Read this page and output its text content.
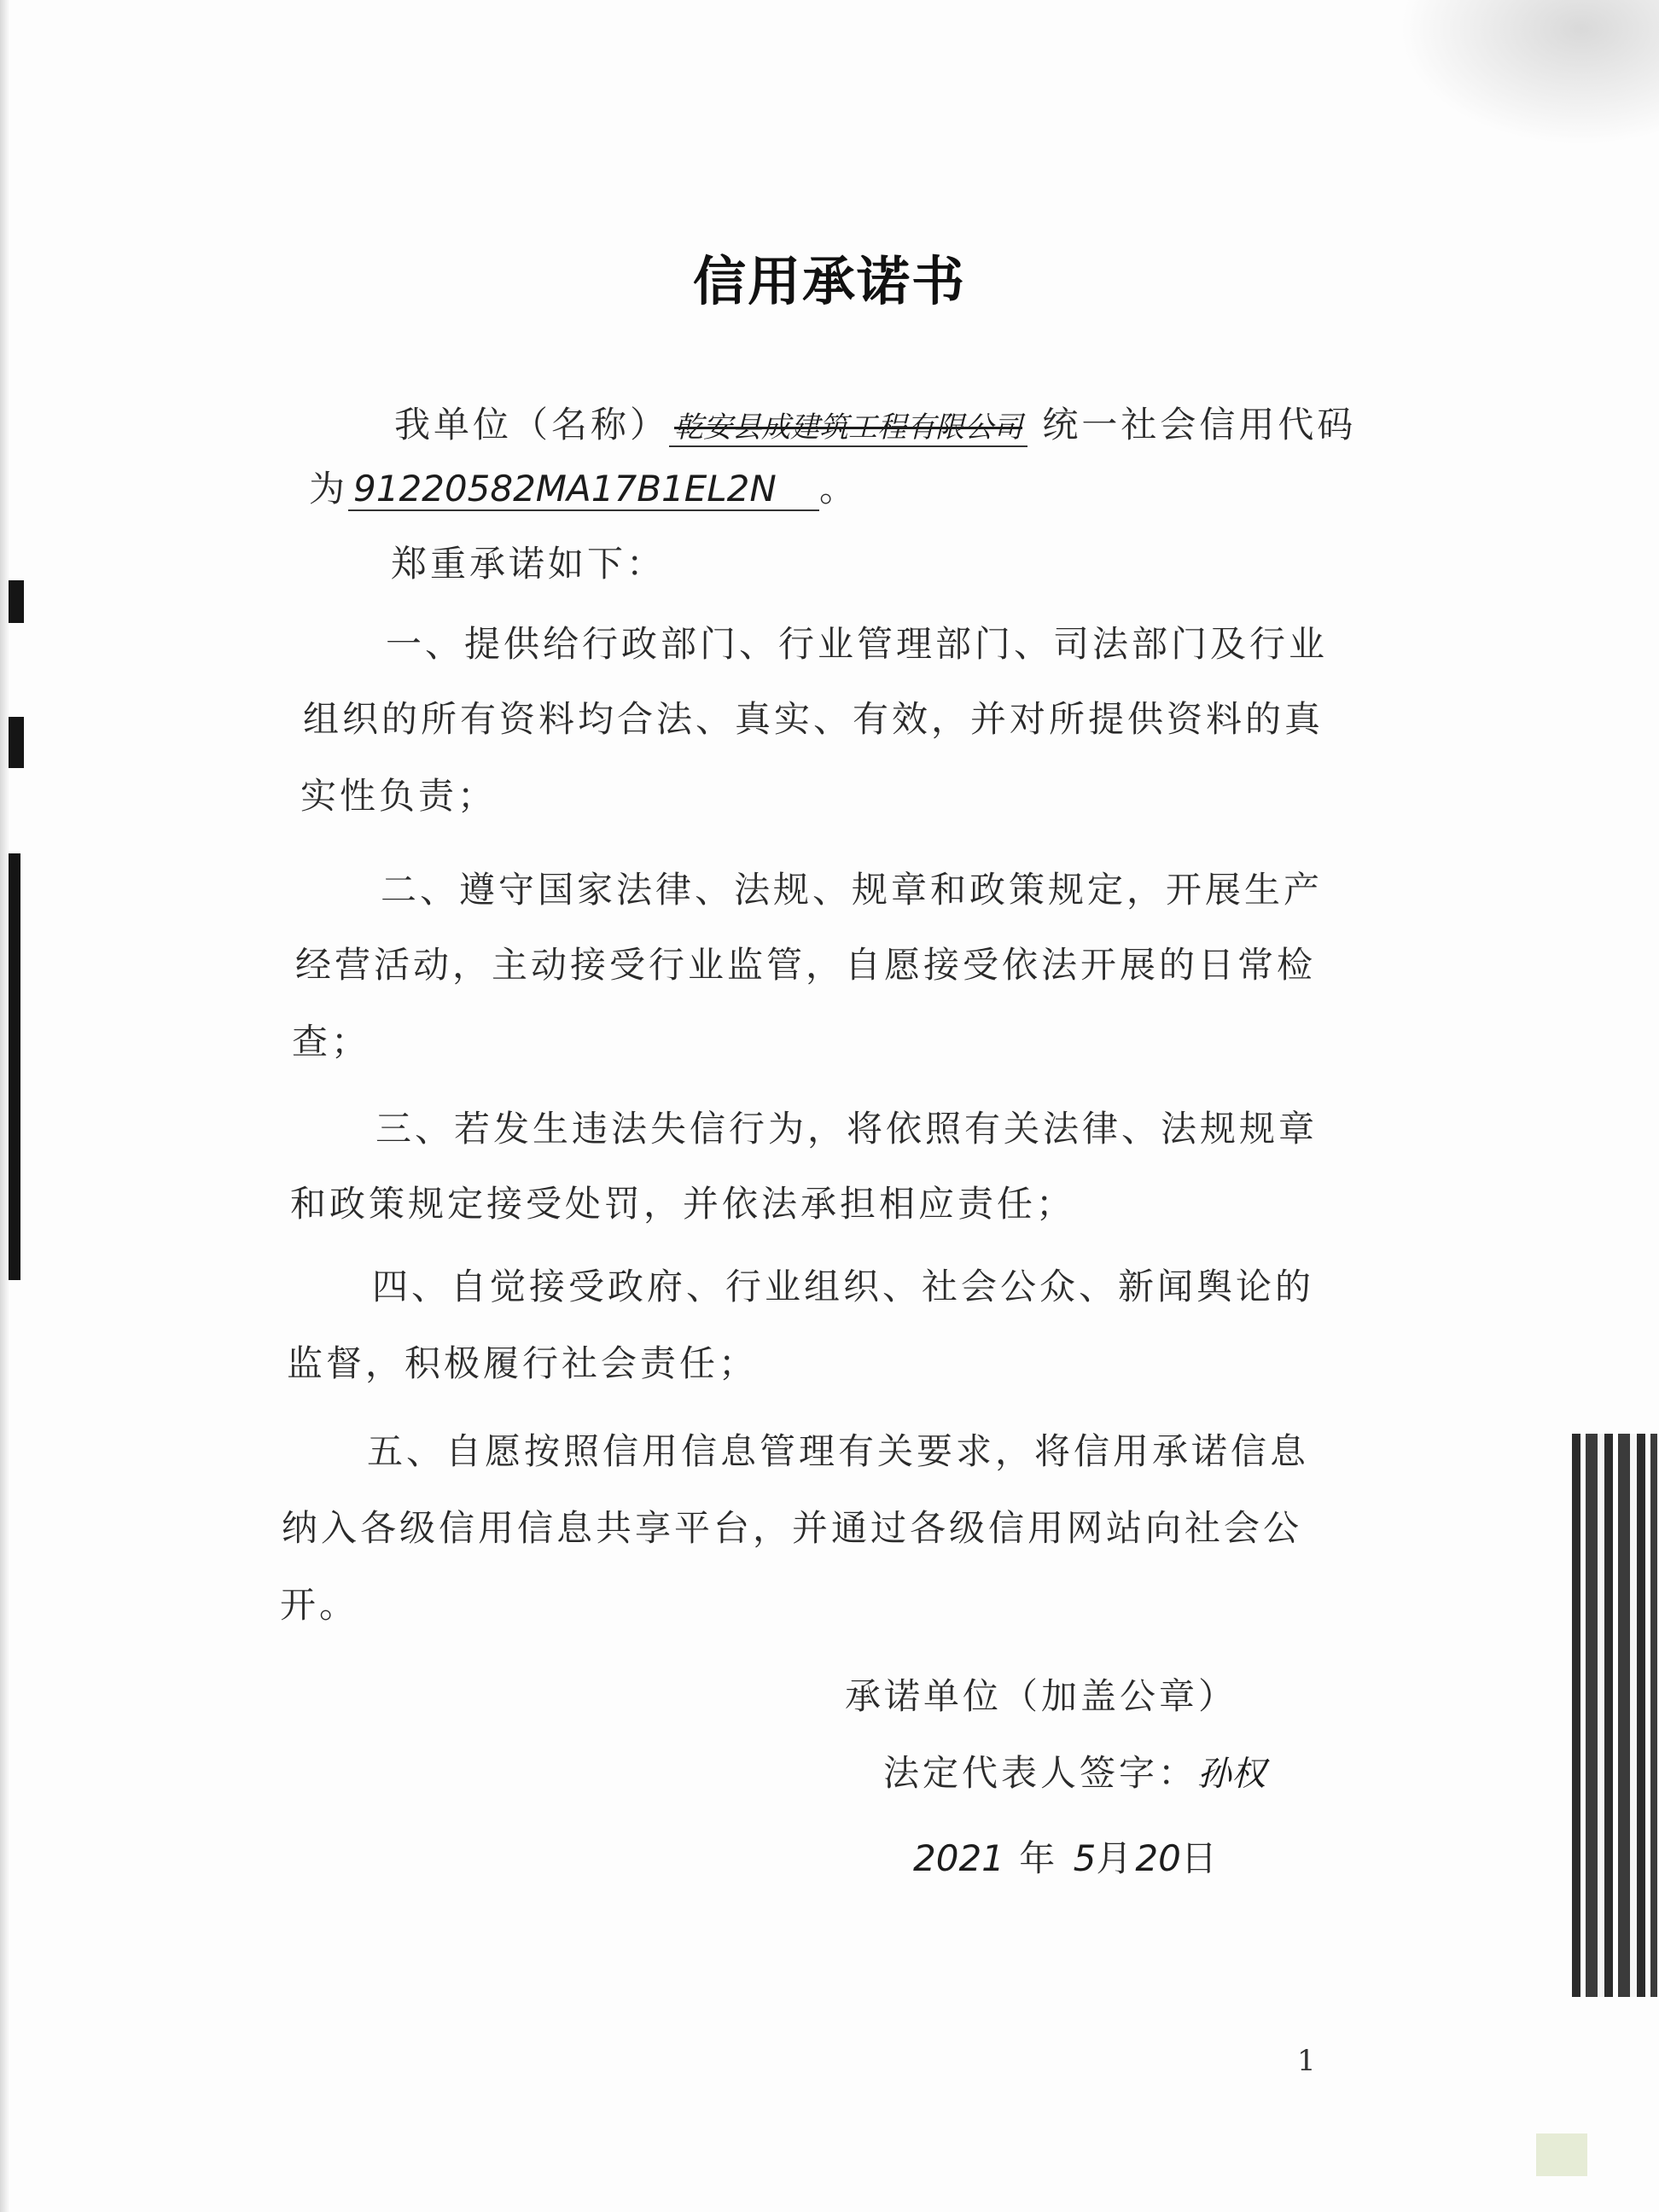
信用承诺书
我单位（名称） 乾安县成建筑工程有限公司 统一社会信用代码
为 91220582MA17B1EL2N 。
郑重承诺如下：
一、提供给行政部门、行业管理部门、司法部门及行业
组织的所有资料均合法、真实、有效，并对所提供资料的真
实性负责；
二、遵守国家法律、法规、规章和政策规定，开展生产
经营活动，主动接受行业监管，自愿接受依法开展的日常检
查；
三、若发生违法失信行为，将依照有关法律、法规规章
和政策规定接受处罚，并依法承担相应责任；
四、自觉接受政府、行业组织、社会公众、新闻舆论的
监督，积极履行社会责任；
五、自愿按照信用信息管理有关要求，将信用承诺信息
纳入各级信用信息共享平台，并通过各级信用网站向社会公
开。
承诺单位（加盖公章）
法定代表人签字：孙权
2021 年 5月20日
1
